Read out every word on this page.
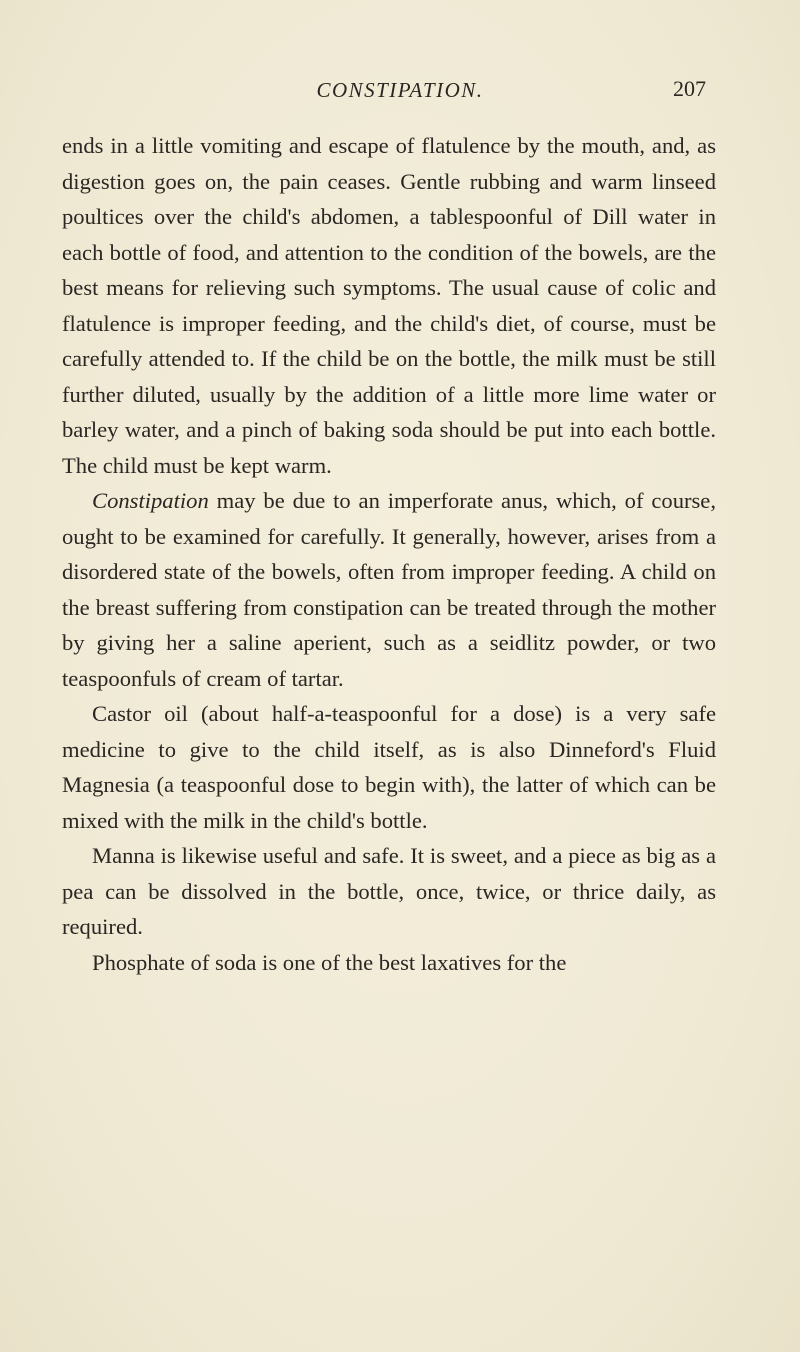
CONSTIPATION.	207

ends in a little vomiting and escape of flatulence by the mouth, and, as digestion goes on, the pain ceases. Gentle rubbing and warm linseed poultices over the child's abdomen, a tablespoonful of Dill water in each bottle of food, and attention to the condition of the bowels, are the best means for relieving such symptoms. The usual cause of colic and flatulence is improper feeding, and the child's diet, of course, must be carefully attended to. If the child be on the bottle, the milk must be still further diluted, usually by the addition of a little more lime water or barley water, and a pinch of baking soda should be put into each bottle. The child must be kept warm.

Constipation may be due to an imperforate anus, which, of course, ought to be examined for carefully. It generally, however, arises from a disordered state of the bowels, often from improper feeding. A child on the breast suffering from constipation can be treated through the mother by giving her a saline aperient, such as a seidlitz powder, or two teaspoonfuls of cream of tartar.

Castor oil (about half-a-teaspoonful for a dose) is a very safe medicine to give to the child itself, as is also Dinneford's Fluid Magnesia (a teaspoonful dose to begin with), the latter of which can be mixed with the milk in the child's bottle.

Manna is likewise useful and safe. It is sweet, and a piece as big as a pea can be dissolved in the bottle, once, twice, or thrice daily, as required.

Phosphate of soda is one of the best laxatives for the
